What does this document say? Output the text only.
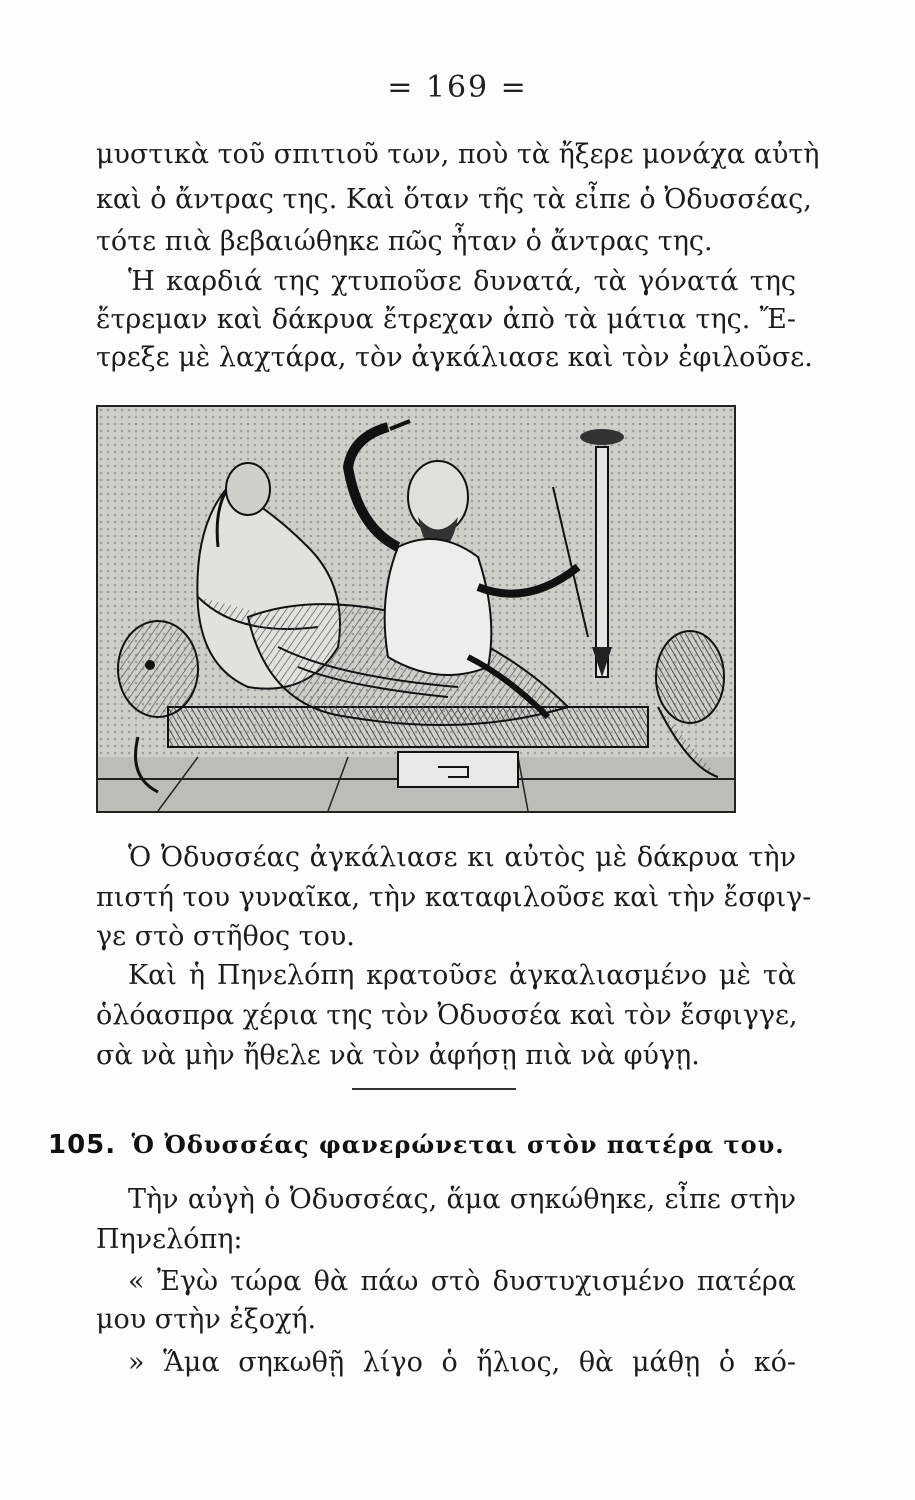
= 169 =
μυστικὰ τοῦ σπιτιοῦ των, ποὺ τὰ ἤξερε μονάχα αὐτὴ
καὶ ὁ ἄντρας της. Καὶ ὅταν τῆς τὰ εἶπε ὁ Ὀδυσσέας,
τότε πιὰ βεβαιώθηκε πῶς ἦταν ὁ ἄντρας της.
Ἡ καρδιά της χτυποῦσε δυνατά, τὰ γόνατά της
ἔτρεμαν καὶ δάκρυα ἔτρεχαν ἀπὸ τὰ μάτια της. Ἔ-
τρεξε μὲ λαχτάρα, τὸν ἀγκάλιασε καὶ τὸν ἐφιλοῦσε.
Ὁ Ὀδυσσέας ἀγκάλιασε κι αὐτὸς μὲ δάκρυα τὴν
πιστή του γυναῖκα, τὴν καταφιλοῦσε καὶ τὴν ἔσφιγ-
γε στὸ στῆθος του.
Καὶ ἡ Πηνελόπη κρατοῦσε ἀγκαλιασμένο μὲ τὰ
ὁλόασπρα χέρια της τὸν Ὀδυσσέα καὶ τὸν ἔσφιγγε,
σὰ νὰ μὴν ἤθελε νὰ τὸν ἀφήσῃ πιὰ νὰ φύγῃ.
105. Ὁ Ὀδυσσέας φανερώνεται στὸν πατέρα του.
Τὴν αὐγὴ ὁ Ὀδυσσέας, ἅμα σηκώθηκε, εἶπε στὴν
Πηνελόπη:
« Ἐγὼ τώρα θὰ πάω στὸ δυστυχισμένο πατέρα
μου στὴν ἐξοχή.
» Ἅμα σηκωθῇ λίγο ὁ ἥλιος, θὰ μάθῃ ὁ κό-
